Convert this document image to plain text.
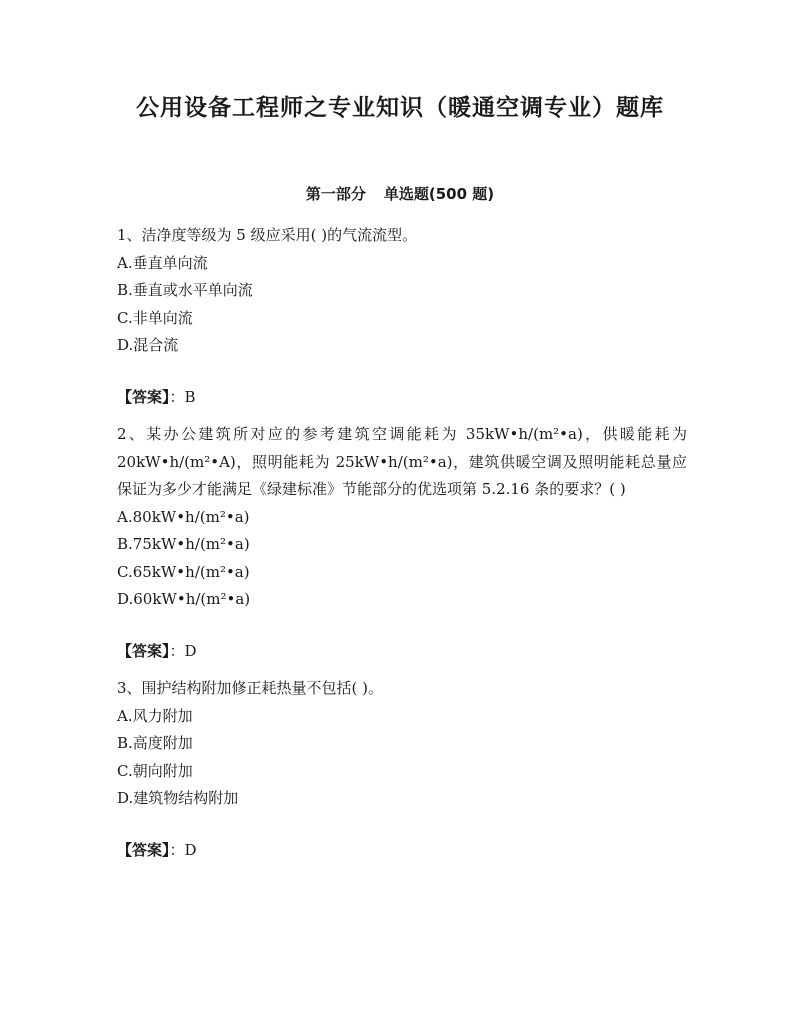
公用设备工程师之专业知识（暖通空调专业）题库
第一部分 单选题(500 题)

1、洁净度等级为 5 级应采用( )的气流流型。

A.垂直单向流
B.垂直或水平单向流
C.非单向流
D.混合流

【答案】：B

2、某办公建筑所对应的参考建筑空调能耗为 35kW•h/(m²•a)，供暖能耗为 20kW•h/(m²•A)，照明能耗为 25kW•h/(m²•a)，建筑供暖空调及照明能耗总量应保证为多少才能满足《绿建标准》节能部分的优选项第 5.2.16 条的要求？( )

A.80kW•h/(m²•a)
B.75kW•h/(m²•a)
C.65kW•h/(m²•a)
D.60kW•h/(m²•a)

【答案】：D

3、围护结构附加修正耗热量不包括( )。

A.风力附加
B.高度附加
C.朝向附加
D.建筑物结构附加

【答案】：D
